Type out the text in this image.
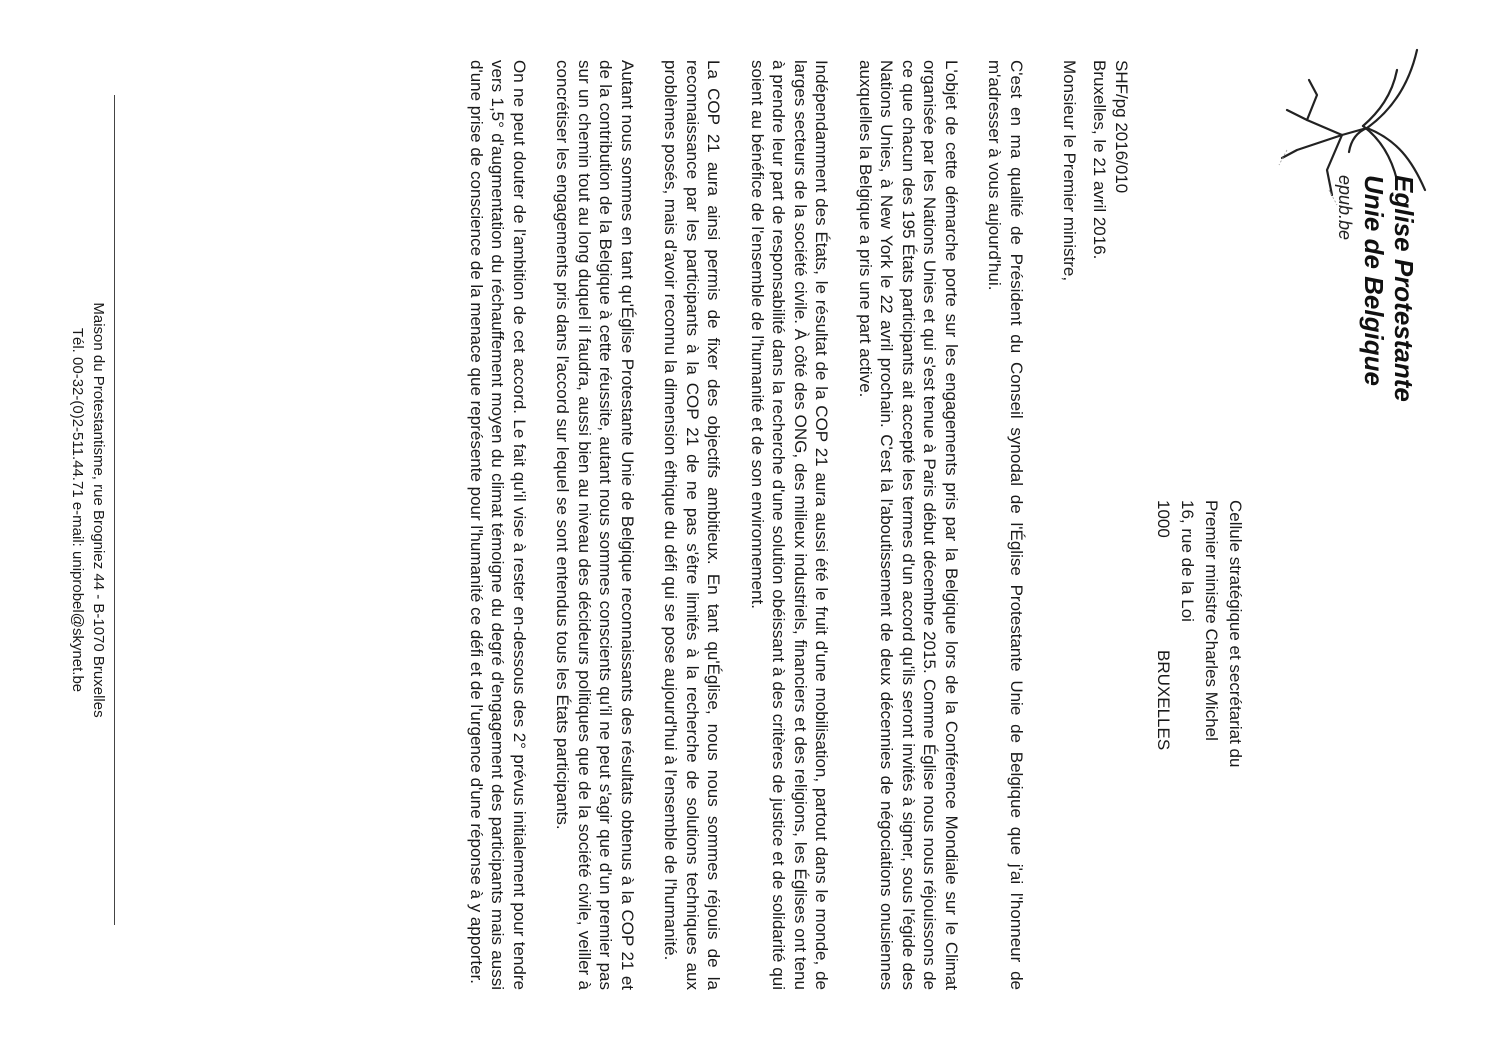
Eglise Protestante
Unie de Belgique
epub.be
Cellule stratégique et secrétariat du
Premier ministre Charles Michel
16, rue de la Loi
1000BRUXELLES
SHF/pg 2016/010
Bruxelles, le 21 avril 2016.
Monsieur le Premier ministre,

C'est en ma qualité de Président du Conseil synodal de l'Église Protestante Unie de Belgique que j'ai l'honneur de m'adresser à vous aujourd'hui.

L'objet de cette démarche porte sur les engagements pris par la Belgique lors de la Conférence Mondiale sur le Climat organisée par les Nations Unies et qui s'est tenue à Paris début décembre 2015. Comme Église nous nous réjouissons de ce que chacun des 195 États participants ait accepté les termes d'un accord qu'ils seront invités à signer, sous l'égide des Nations Unies, à New York le 22 avril prochain. C'est là l'aboutissement de deux décennies de négociations onusiennes auxquelles la Belgique a pris une part active.

Indépendamment des États, le résultat de la COP 21 aura aussi été le fruit d'une mobilisation, partout dans le monde, de larges secteurs de la société civile. À côté des ONG, des milieux industriels, financiers et des religions, les Églises ont tenu à prendre leur part de responsabilité dans la recherche d'une solution obéissant à des critères de justice et de solidarité qui soient au bénéfice de l'ensemble de l'humanité et de son environnement.

La COP 21 aura ainsi permis de fixer des objectifs ambitieux. En tant qu'Église, nous nous sommes réjouis de la reconnaissance par les participants à la COP 21 de ne pas s'être limités à la recherche de solutions techniques aux problèmes posés, mais d'avoir reconnu la dimension éthique du défi qui se pose aujourd'hui à l'ensemble de l'humanité.

Autant nous sommes en tant qu'Église Protestante Unie de Belgique reconnaissants des résultats obtenus à la COP 21 et de la contribution de la Belgique à cette réussite, autant nous sommes conscients qu'il ne peut s'agir que d'un premier pas sur un chemin tout au long duquel il faudra, aussi bien au niveau des décideurs politiques que de la société civile, veiller à concrétiser les engagements pris dans l'accord sur lequel se sont entendus tous les États participants.

On ne peut douter de l'ambition de cet accord. Le fait qu'il vise à rester en-dessous des 2° prévus initialement pour tendre vers 1,5° d'augmentation du réchauffement moyen du climat témoigne du degré d'engagement des participants mais aussi d'une prise de conscience de la menace que représente pour l'humanité ce défi et de l'urgence d'une réponse à y apporter.

Maison du Protestantisme, rue Brogniez 44 - B-1070 Bruxelles
Tél. 00-32-(0)2-511.44.71 e-mail: uniprobel@skynet.be
